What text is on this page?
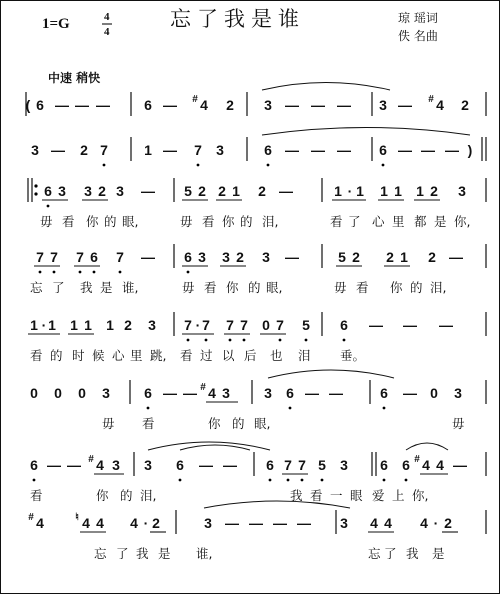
1=G	4
4
忘了我是谁	琼 瑶词
佚 名曲
中速 稍快
( 6 — — — 6 — 4
# 2 3 — — — 3 — 4
# 2
3 — 2 7	1 — 7 3	6 — — — 6 — — — )
6 3 3 2 3 — 5 2 2 1 2 —	1 · 1 1 1 1 2 3
毋 看 你 的 眼,	毋 看 你 的 泪,	看 了 心 里 都 是 你,
7 7 7 6 7 — 6 3 3 2 3 —	5 2 2 1 2 —
忘 了 我 是 谁,	毋 看 你 的 眼,	毋 看 你 的 泪,
1 · 1 1 1 1 2 3 7 · 7 7 7 0 7 5 6 — — —
看 的 时 候 心 里 跳, 看 过 以 后 也 泪 垂。
0 0 0 3 6 — — 4
# 3 3 6 — —	6 — 0 3
毋 看	你 的 眼,	毋
6 — — 4
# 3 3 6 — — 6 7 7 5 3 6 6 4
# 4 —
看	你 的 泪,	我 看 一 眼 爱 上 你,
4
#	4
♮ 4 4 · 2	3 — — — — 3 4 4 4 · 2
忘 了 我 是 谁,	忘 了 我 是
